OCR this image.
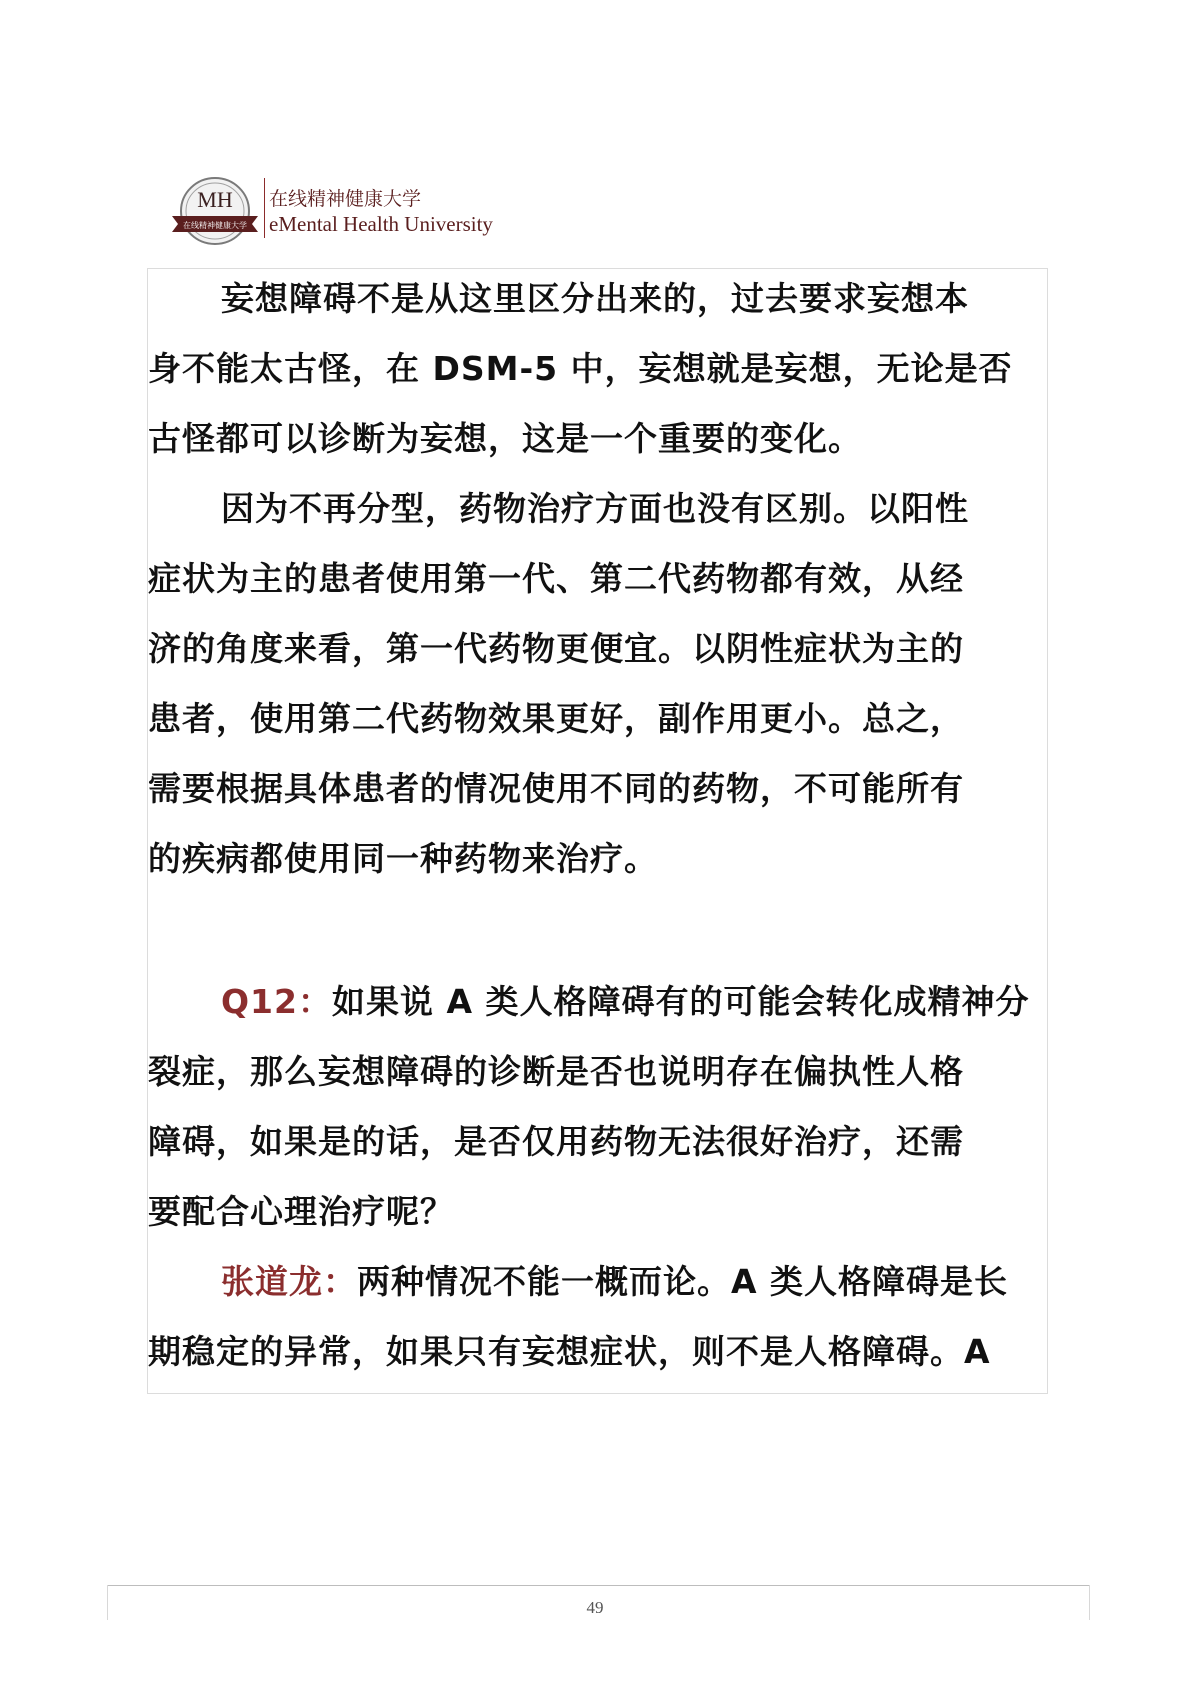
MH
在线精神健康大学
在线精神健康大学
eMental Health University
妄想障碍不是从这里区分出来的，过去要求妄想本
身不能太古怪，在 DSM-5 中，妄想就是妄想，无论是否
古怪都可以诊断为妄想，这是一个重要的变化。
因为不再分型，药物治疗方面也没有区别。以阳性
症状为主的患者使用第一代、第二代药物都有效，从经
济的角度来看，第一代药物更便宜。以阴性症状为主的
患者，使用第二代药物效果更好，副作用更小。总之，
需要根据具体患者的情况使用不同的药物，不可能所有
的疾病都使用同一种药物来治疗。
Q12：如果说 A 类人格障碍有的可能会转化成精神分
裂症，那么妄想障碍的诊断是否也说明存在偏执性人格
障碍，如果是的话，是否仅用药物无法很好治疗，还需
要配合心理治疗呢？
张道龙：两种情况不能一概而论。A 类人格障碍是长
期稳定的异常，如果只有妄想症状，则不是人格障碍。A
49
